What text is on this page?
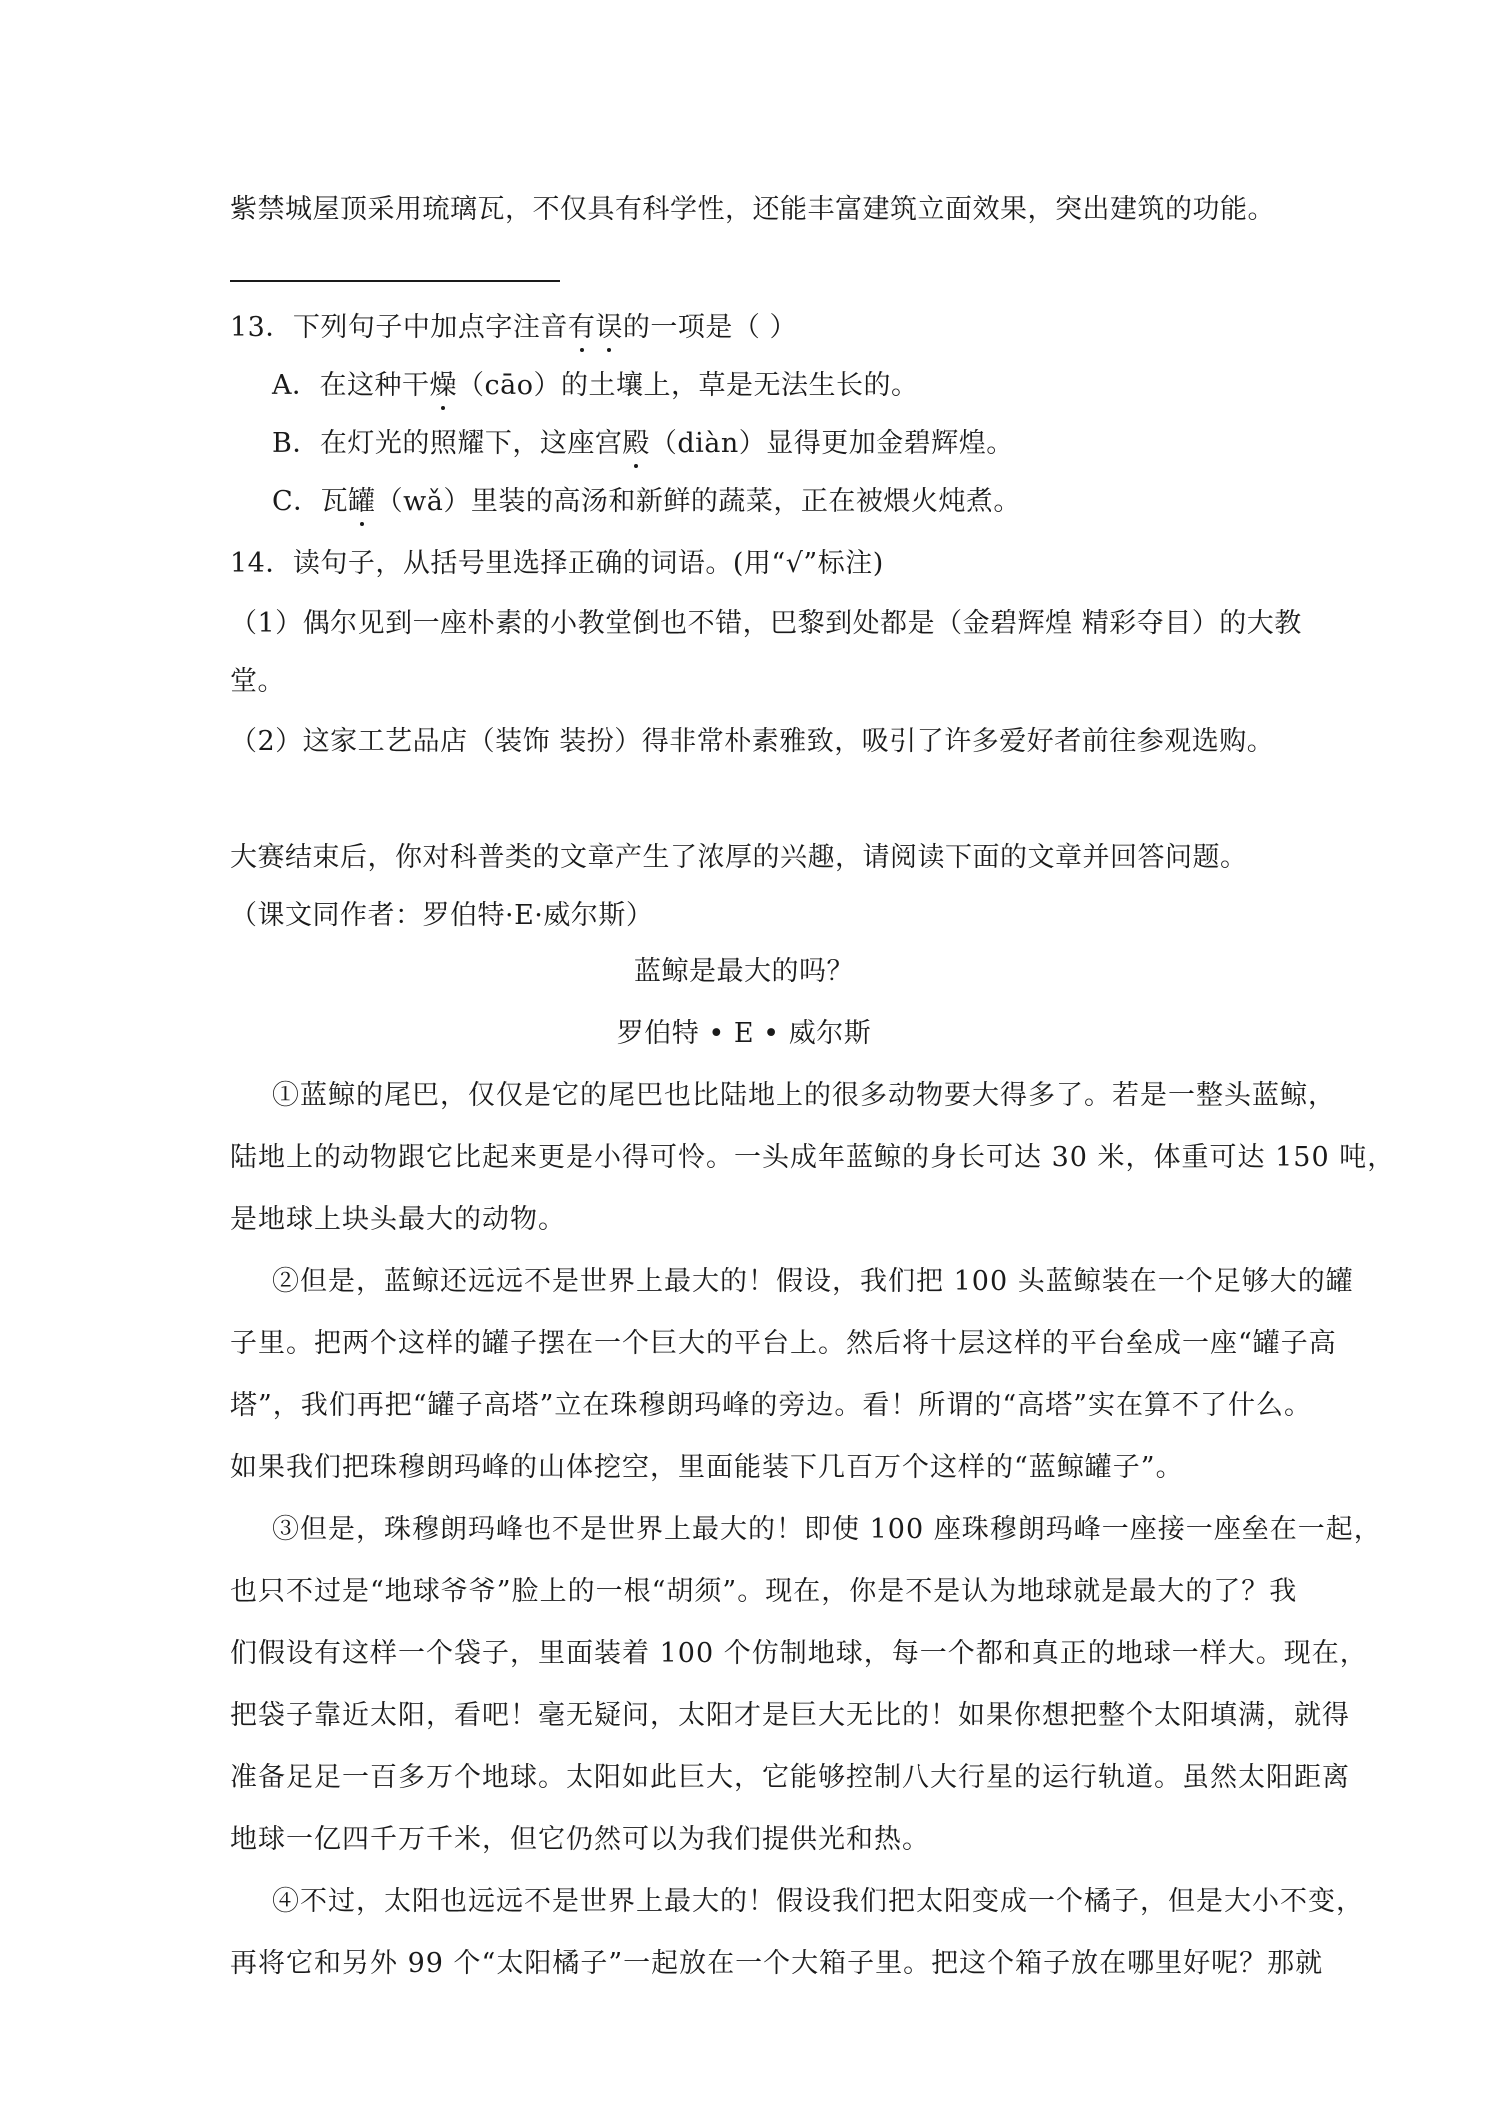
紫禁城屋顶采用琉璃瓦，不仅具有科学性，还能丰富建筑立面效果，突出建筑的功能。
13．下列句子中加点字注音有误的一项是（ ）
A．在这种干燥（cāo）的土壤上，草是无法生长的。
B．在灯光的照耀下，这座宫殿（diàn）显得更加金碧辉煌。
C．瓦罐（wǎ）里装的高汤和新鲜的蔬菜，正在被煨火炖煮。
14．读句子，从括号里选择正确的词语。(用“√”标注)
（1）偶尔见到一座朴素的小教堂倒也不错，巴黎到处都是（金碧辉煌 精彩夺目）的大教
堂。
（2）这家工艺品店（装饰 装扮）得非常朴素雅致，吸引了许多爱好者前往参观选购。
大赛结束后，你对科普类的文章产生了浓厚的兴趣，请阅读下面的文章并回答问题。
（课文同作者：罗伯特·E·威尔斯）
蓝鲸是最大的吗？
罗伯特 • E • 威尔斯
①蓝鲸的尾巴，仅仅是它的尾巴也比陆地上的很多动物要大得多了。若是一整头蓝鲸，
陆地上的动物跟它比起来更是小得可怜。一头成年蓝鲸的身长可达 30 米，体重可达 150 吨，
是地球上块头最大的动物。
②但是，蓝鲸还远远不是世界上最大的！假设，我们把 100 头蓝鲸装在一个足够大的罐
子里。把两个这样的罐子摆在一个巨大的平台上。然后将十层这样的平台垒成一座“罐子高
塔”，我们再把“罐子高塔”立在珠穆朗玛峰的旁边。看！所谓的“高塔”实在算不了什么。
如果我们把珠穆朗玛峰的山体挖空，里面能装下几百万个这样的“蓝鲸罐子”。
③但是，珠穆朗玛峰也不是世界上最大的！即使 100 座珠穆朗玛峰一座接一座垒在一起，
也只不过是“地球爷爷”脸上的一根“胡须”。现在，你是不是认为地球就是最大的了？我
们假设有这样一个袋子，里面装着 100 个仿制地球，每一个都和真正的地球一样大。现在，
把袋子靠近太阳，看吧！毫无疑问，太阳才是巨大无比的！如果你想把整个太阳填满，就得
准备足足一百多万个地球。太阳如此巨大，它能够控制八大行星的运行轨道。虽然太阳距离
地球一亿四千万千米，但它仍然可以为我们提供光和热。
④不过，太阳也远远不是世界上最大的！假设我们把太阳变成一个橘子，但是大小不变，
再将它和另外 99 个“太阳橘子”一起放在一个大箱子里。把这个箱子放在哪里好呢？那就
